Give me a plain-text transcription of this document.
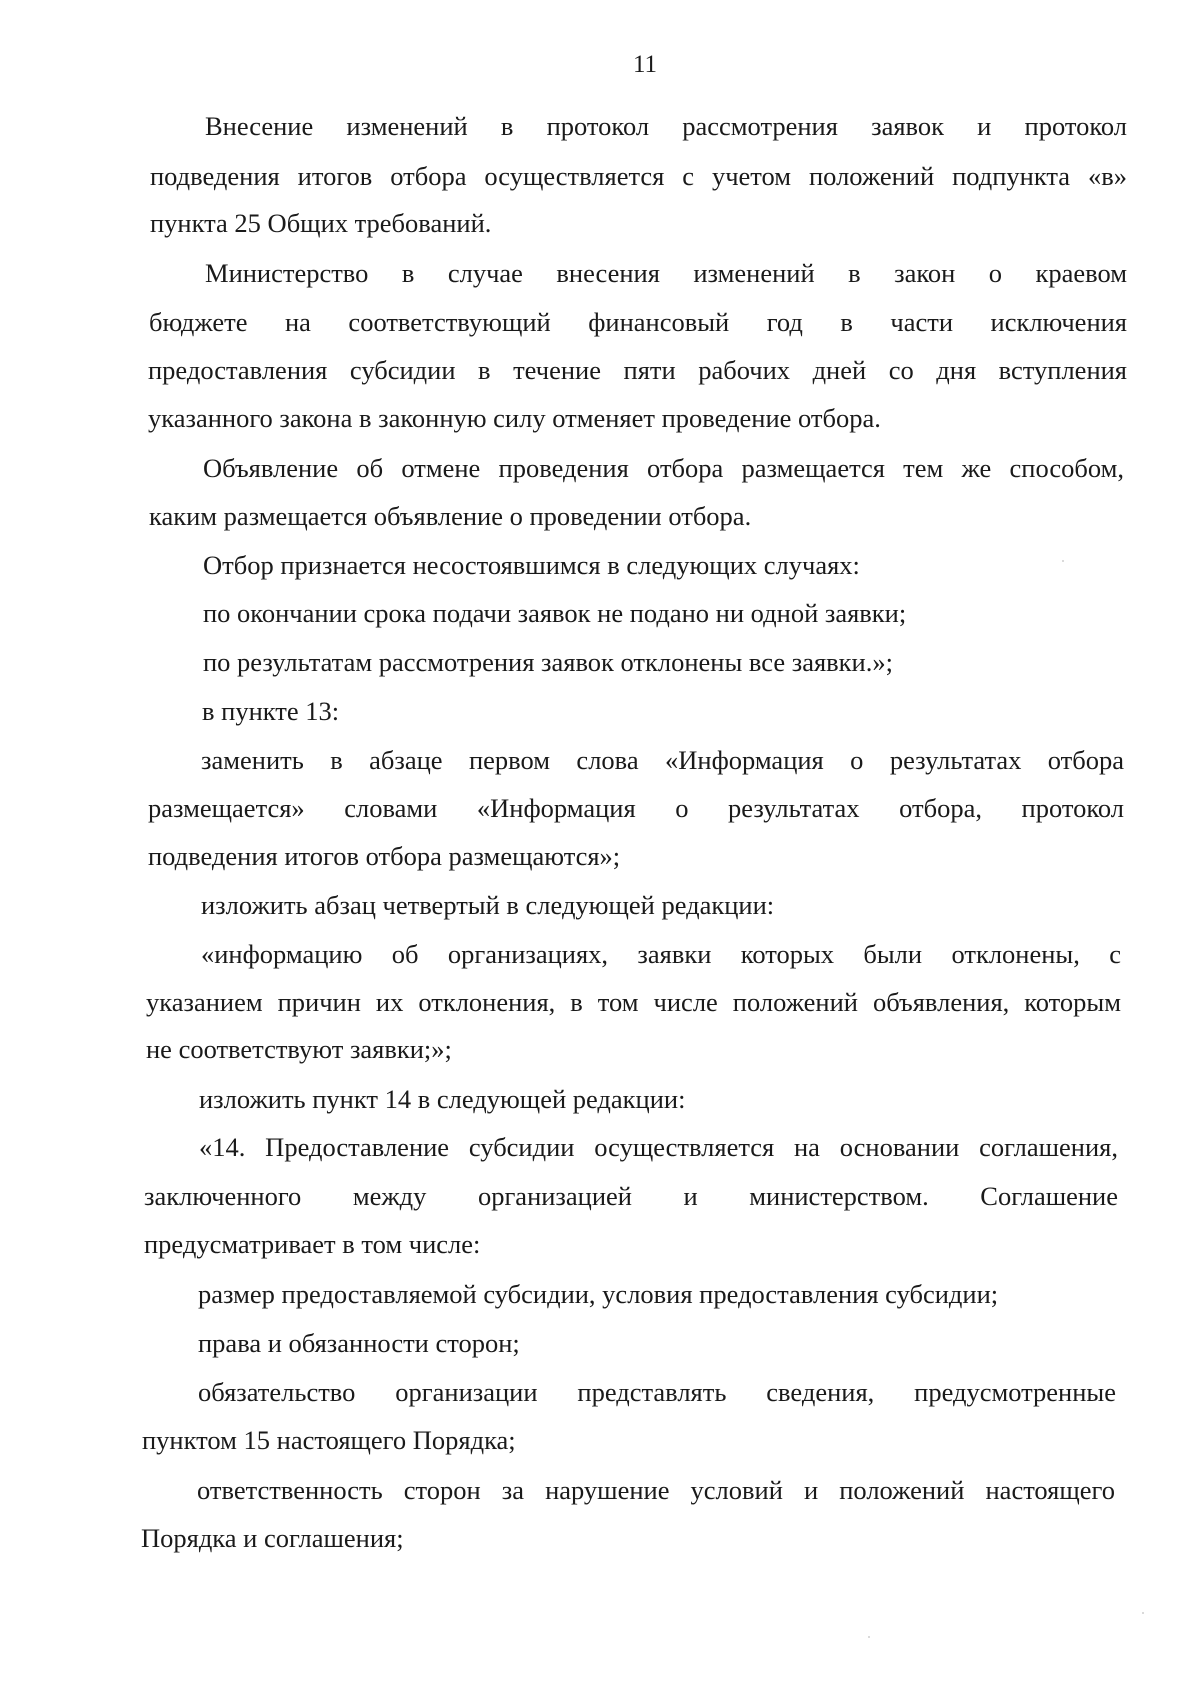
11
Внесение изменений в протокол рассмотрения заявок и протокол
подведения итогов отбора осуществляется с учетом положений подпункта «в»
пункта 25 Общих требований.
Министерство в случае внесения изменений в закон о краевом
бюджете на соответствующий финансовый год в части исключения
предоставления субсидии в течение пяти рабочих дней со дня вступления
указанного закона в законную силу отменяет проведение отбора.
Объявление об отмене проведения отбора размещается тем же способом,
каким размещается объявление о проведении отбора.
Отбор признается несостоявшимся в следующих случаях:
по окончании срока подачи заявок не подано ни одной заявки;
по результатам рассмотрения заявок отклонены все заявки.»;
в пункте 13:
заменить в абзаце первом слова «Информация о результатах отбора
размещается» словами «Информация о результатах отбора, протокол
подведения итогов отбора размещаются»;
изложить абзац четвертый в следующей редакции:
«информацию об организациях, заявки которых были отклонены, с
указанием причин их отклонения, в том числе положений объявления, которым
не соответствуют заявки;»;
изложить пункт 14 в следующей редакции:
«14. Предоставление субсидии осуществляется на основании соглашения,
заключенного между организацией и министерством. Соглашение
предусматривает в том числе:
размер предоставляемой субсидии, условия предоставления субсидии;
права и обязанности сторон;
обязательство организации представлять сведения, предусмотренные
пунктом 15 настоящего Порядка;
ответственность сторон за нарушение условий и положений настоящего
Порядка и соглашения;
